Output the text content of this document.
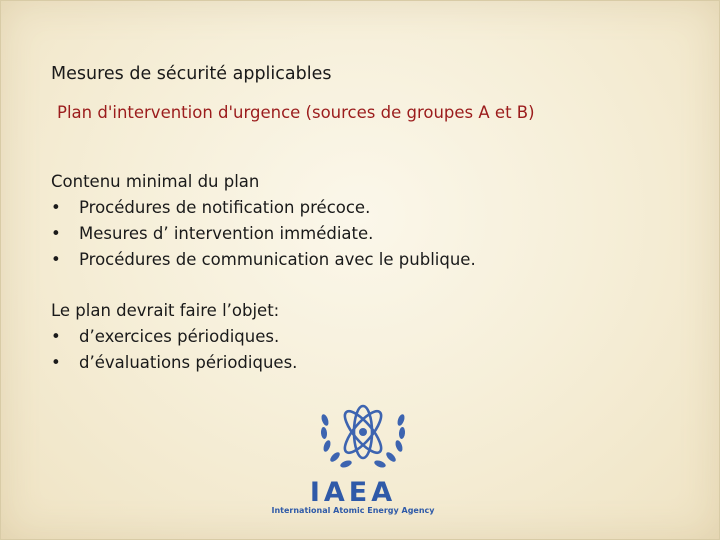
Mesures de sécurité applicables
Plan d'intervention d'urgence (sources de groupes A et B)
Contenu minimal du plan
• Procédures de notification précoce.
• Mesures d’ intervention immédiate.
• Procédures de communication avec le publique.
Le plan devrait faire l’objet:
• d’exercices périodiques.
• d’évaluations périodiques.
IAEA
International Atomic Energy Agency
